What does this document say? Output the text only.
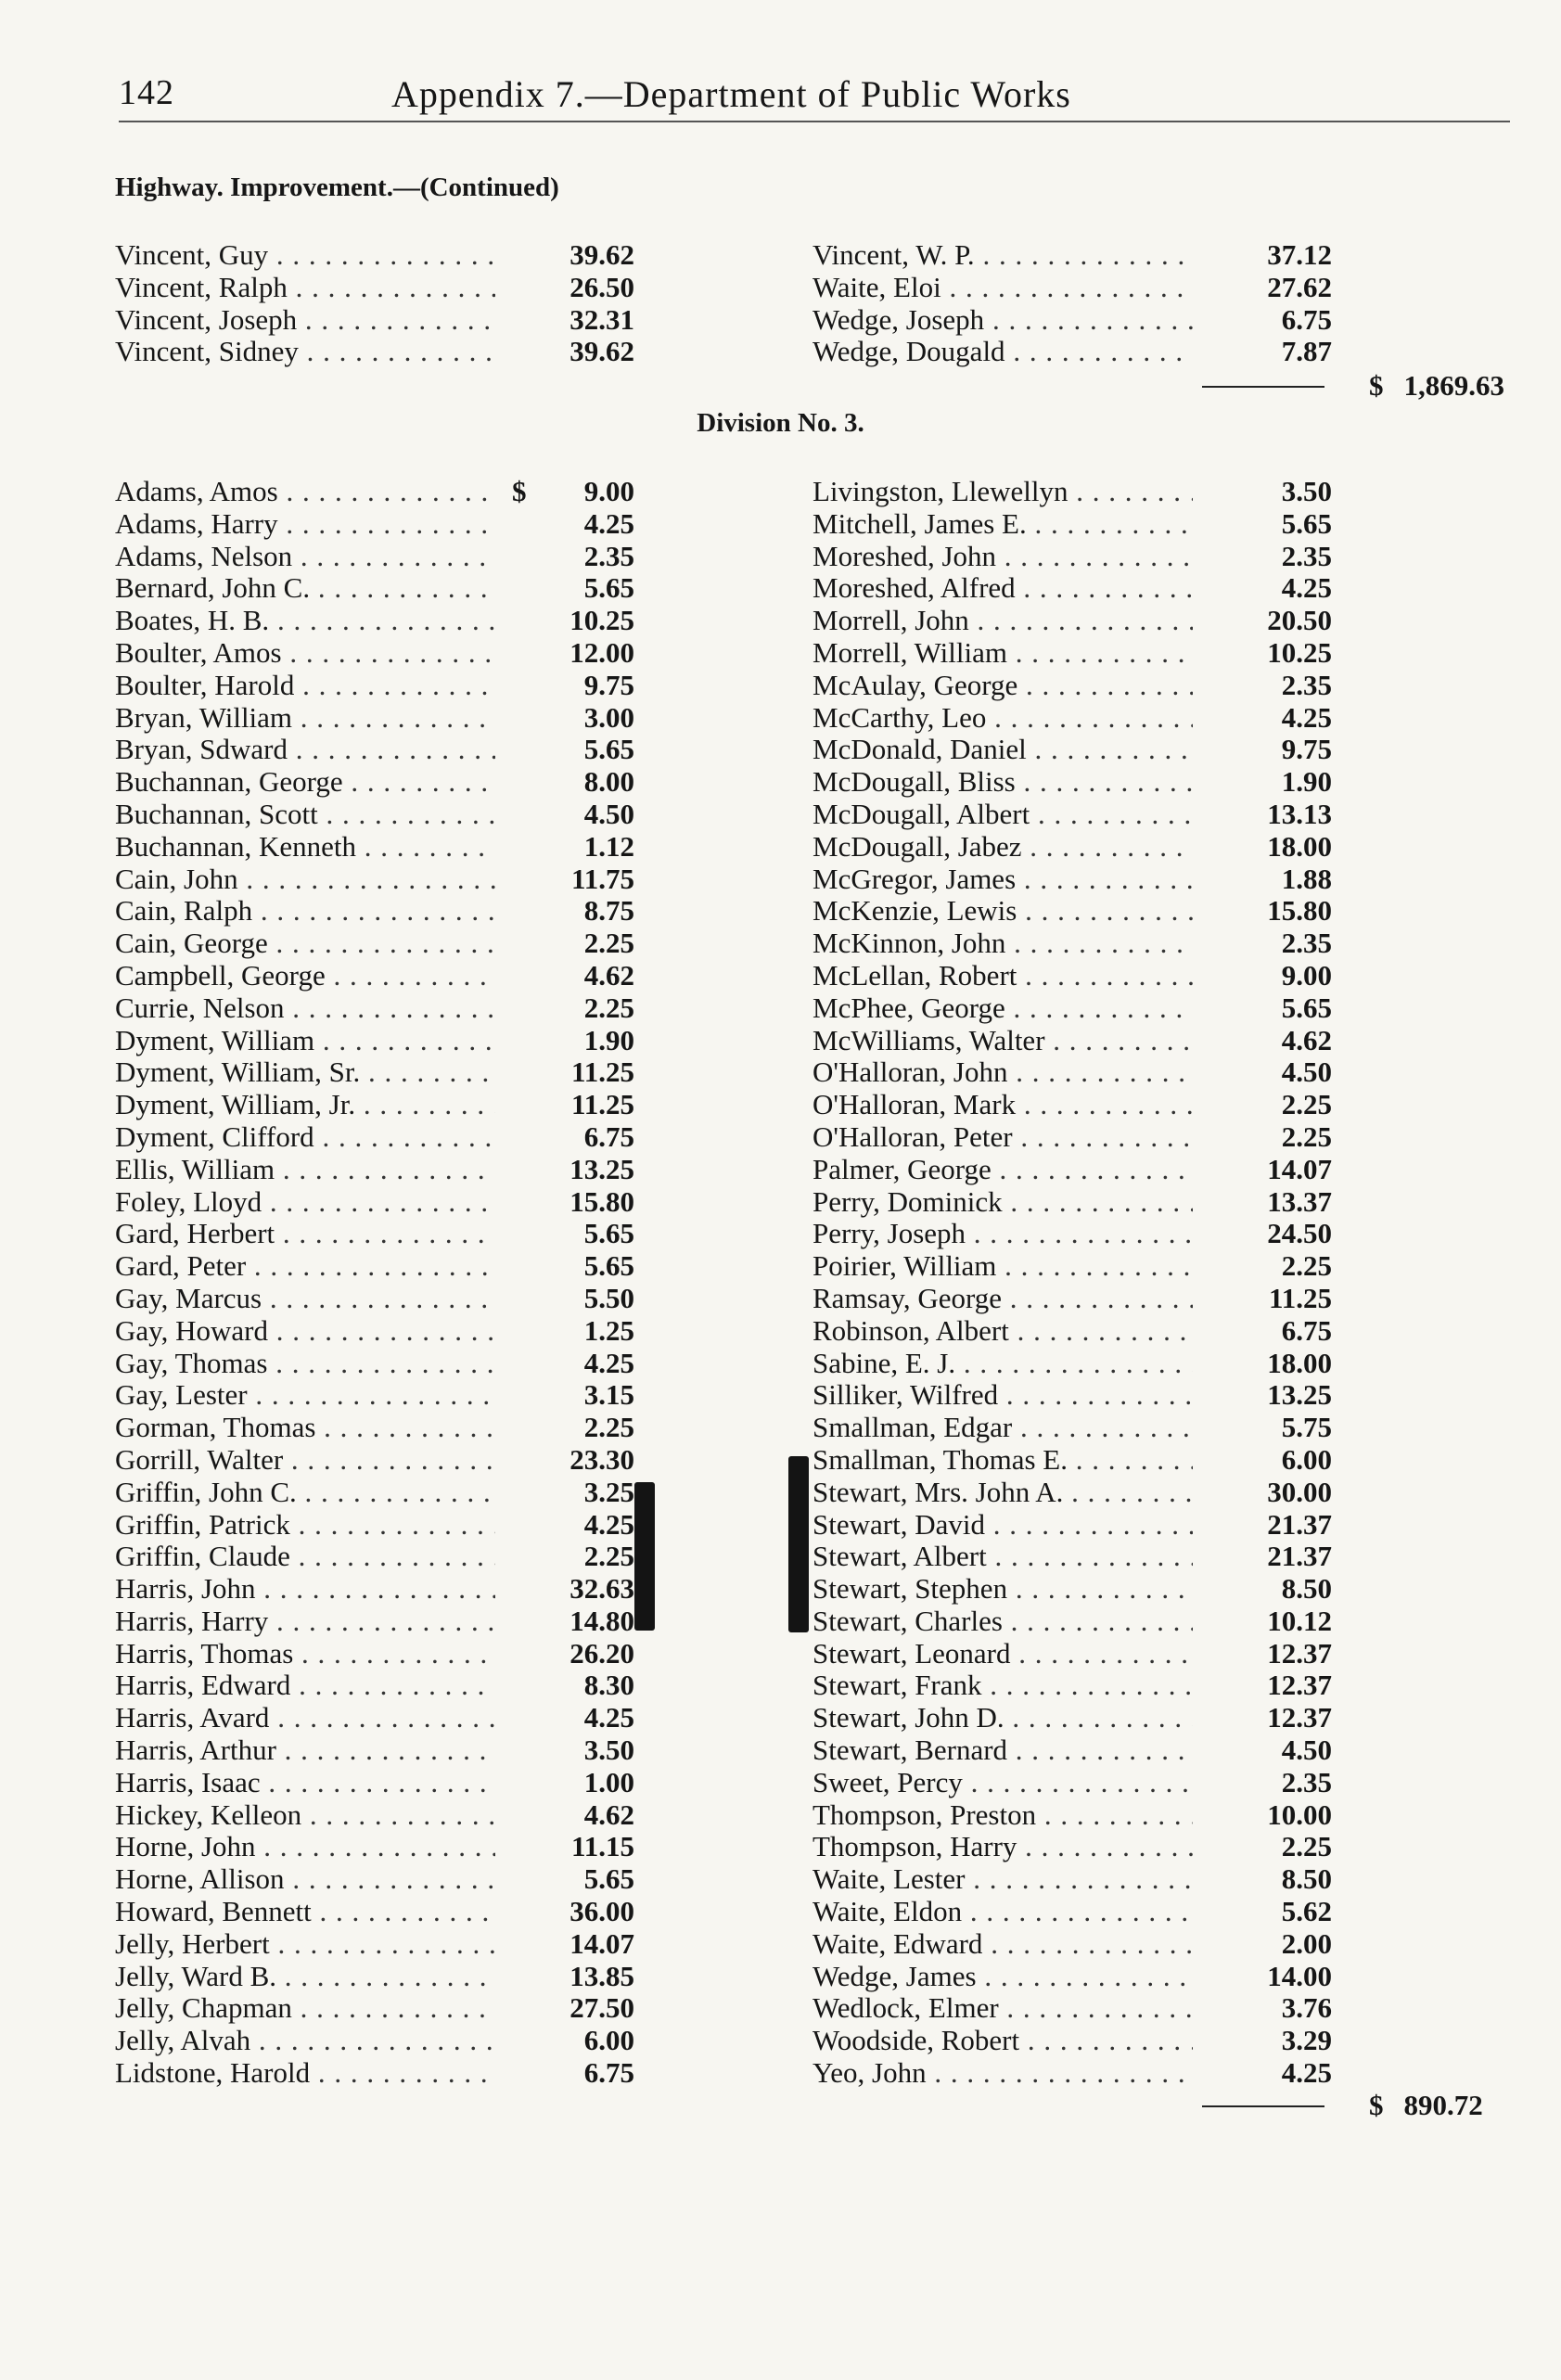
142	Appendix 7.—Department of Public Works
Highway. Improvement.—(Continued)
Vincent, Guy . . .	39.62
Vincent, Ralph . . .	26.50
Vincent, Joseph . . .	32.31
Vincent, Sidney . . .	39.62
Vincent, W. P. . . .	37.12
Waite, Eloi . . .	27.62
Wedge, Joseph . . .	6.75
Wedge, Dougald . . .	7.87
$ 1,869.63
Division No. 3.
$
Adams, Amos . . .	9.00
Adams, Harry . . .	4.25
Adams, Nelson . . .	2.35
Bernard, John C. . . .	5.65
Boates, H. B. . . .	10.25
Boulter, Amos . . .	12.00
Boulter, Harold . . .	9.75
Bryan, William . . .	3.00
Bryan, Sdward . . .	5.65
Buchannan, George . . .	8.00
Buchannan, Scott . . .	4.50
Buchannan, Kenneth . . .	1.12
Cain, John . . .	11.75
Cain, Ralph . . .	8.75
Cain, George . . .	2.25
Campbell, George . . .	4.62
Currie, Nelson . . .	2.25
Dyment, William . . .	1.90
Dyment, William, Sr. . . .	11.25
Dyment, William, Jr. . . .	11.25
Dyment, Clifford . . .	6.75
Ellis, William . . .	13.25
Foley, Lloyd . . .	15.80
Gard, Herbert . . .	5.65
Gard, Peter . . .	5.65
Gay, Marcus . . .	5.50
Gay, Howard . . .	1.25
Gay, Thomas . . .	4.25
Gay, Lester . . .	3.15
Gorman, Thomas . . .	2.25
Gorrill, Walter . . .	23.30
Griffin, John C. . . .	3.25
Griffin, Patrick . . .	4.25
Griffin, Claude . . .	2.25
Harris, John . . .	32.63
Harris, Harry . . .	14.80
Harris, Thomas . . .	26.20
Harris, Edward . . .	8.30
Harris, Avard . . .	4.25
Harris, Arthur . . .	3.50
Harris, Isaac . . .	1.00
Hickey, Kelleon . . .	4.62
Horne, John . . .	11.15
Horne, Allison . . .	5.65
Howard, Bennett . . .	36.00
Jelly, Herbert . . .	14.07
Jelly, Ward B. . . .	13.85
Jelly, Chapman . . .	27.50
Jelly, Alvah . . .	6.00
Lidstone, Harold . . .	6.75
Livingston, Llewellyn . . .	3.50
Mitchell, James E. . . .	5.65
Moreshed, John . . .	2.35
Moreshed, Alfred . . .	4.25
Morrell, John . . .	20.50
Morrell, William . . .	10.25
McAulay, George . . .	2.35
McCarthy, Leo . . .	4.25
McDonald, Daniel . . .	9.75
McDougall, Bliss . . .	1.90
McDougall, Albert . . .	13.13
McDougall, Jabez . . .	18.00
McGregor, James . . .	1.88
McKenzie, Lewis . . .	15.80
McKinnon, John . . .	2.35
McLellan, Robert . . .	9.00
McPhee, George . . .	5.65
McWilliams, Walter . . .	4.62
O'Halloran, John . . .	4.50
O'Halloran, Mark . . .	2.25
O'Halloran, Peter . . .	2.25
Palmer, George . . .	14.07
Perry, Dominick . . .	13.37
Perry, Joseph . . .	24.50
Poirier, William . . .	2.25
Ramsay, George . . .	11.25
Robinson, Albert . . .	6.75
Sabine, E. J. . . .	18.00
Silliker, Wilfred . . .	13.25
Smallman, Edgar . . .	5.75
Smallman, Thomas E. . . .	6.00
Stewart, Mrs. John A. . . .	30.00
Stewart, David . . .	21.37
Stewart, Albert . . .	21.37
Stewart, Stephen . . .	8.50
Stewart, Charles . . .	10.12
Stewart, Leonard . . .	12.37
Stewart, Frank . . .	12.37
Stewart, John D. . . .	12.37
Stewart, Bernard . . .	4.50
Sweet, Percy . . .	2.35
Thompson, Preston . . .	10.00
Thompson, Harry . . .	2.25
Waite, Lester . . .	8.50
Waite, Eldon . . .	5.62
Waite, Edward . . .	2.00
Wedge, James . . .	14.00
Wedlock, Elmer . . .	3.76
Woodside, Robert . . .	3.29
Yeo, John . . .	4.25
$ 890.72
